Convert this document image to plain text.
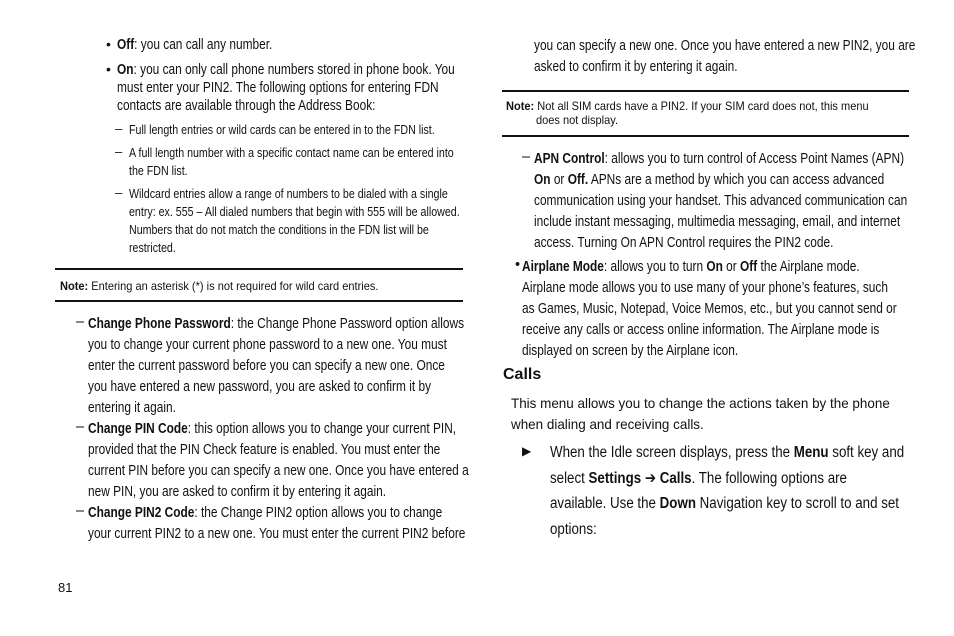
• Off: you can call any number.
• On: you can only call phone numbers stored in phone book. You
must enter your PIN2. The following options for entering FDN
contacts are available through the Address Book:
– Full length entries or wild cards can be entered in to the FDN list.
– A full length number with a specific contact name can be entered into
the FDN list.
– Wildcard entries allow a range of numbers to be dialed with a single
entry: ex. 555 – All dialed numbers that begin with 555 will be allowed.
Numbers that do not match the conditions in the FDN list will be
restricted.
Note: Entering an asterisk (*) is not required for wild card entries.
– Change Phone Password: the Change Phone Password option allows
you to change your current phone password to a new one. You must
enter the current password before you can specify a new one. Once
you have entered a new password, you are asked to confirm it by
entering it again.
– Change PIN Code: this option allows you to change your current PIN,
provided that the PIN Check feature is enabled. You must enter the
current PIN before you can specify a new one. Once you have entered a
new PIN, you are asked to confirm it by entering it again.
– Change PIN2 Code: the Change PIN2 option allows you to change
your current PIN2 to a new one. You must enter the current PIN2 before
81
you can specify a new one. Once you have entered a new PIN2, you are
asked to confirm it by entering it again.
Note: Not all SIM cards have a PIN2. If your SIM card does not, this menu
does not display.
– APN Control: allows you to turn control of Access Point Names (APN)
On or Off. APNs are a method by which you can access advanced
communication using your handset. This advanced communication can
include instant messaging, multimedia messaging, email, and internet
access. Turning On APN Control requires the PIN2 code.
• Airplane Mode: allows you to turn On or Off the Airplane mode.
Airplane mode allows you to use many of your phone’s features, such
as Games, Music, Notepad, Voice Memos, etc., but you cannot send or
receive any calls or access online information. The Airplane mode is
displayed on screen by the Airplane icon.
Calls
This menu allows you to change the actions taken by the phone
when dialing and receiving calls.
▶ When the Idle screen displays, press the Menu soft key and
select Settings ➔ Calls. The following options are
available. Use the Down Navigation key to scroll to and set
options:
